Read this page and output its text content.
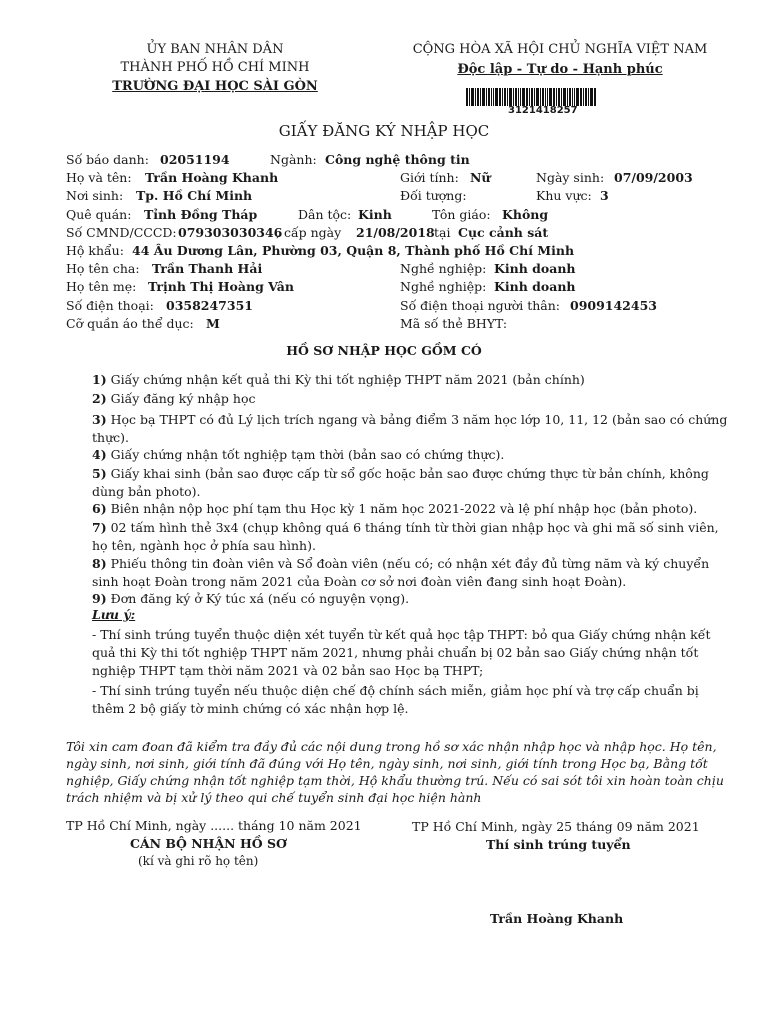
ỦY BAN NHÂN DÂN
THÀNH PHỐ HỒ CHÍ MINH
TRƯỜNG ĐẠI HỌC SÀI GÒN
CỘNG HÒA XÃ HỘI CHỦ NGHĨA VIỆT NAM
Độc lập - Tự do - Hạnh phúc
3121418257
GIẤY ĐĂNG KÝ NHẬP HỌC
Số báo danh: 02051194	Ngành: Công nghệ thông tin
Họ và tên: Trần Hoàng Khanh	Giới tính: Nữ	Ngày sinh: 07/09/2003
Nơi sinh: Tp. Hồ Chí Minh	Đối tượng:	Khu vực: 3
Quê quán: Tỉnh Đồng Tháp	Dân tộc: Kinh	Tôn giáo: Không
Số CMND/CCCD: 079303030346
, cấp ngày 21/08/2018 tại Cục cảnh sát
Hộ khẩu: 44 Âu Dương Lân, Phường 03, Quận 8, Thành phố Hồ Chí Minh
Họ tên cha: Trần Thanh Hải	Nghề nghiệp: Kinh doanh
Họ tên mẹ: Trịnh Thị Hoàng Vân	Nghề nghiệp: Kinh doanh
Số điện thoại: 0358247351	Số điện thoại người thân: 0909142453
Cỡ quần áo thể dục: M	Mã số thẻ BHYT:
HỒ SƠ NHẬP HỌC GỒM CÓ
1) Giấy chứng nhận kết quả thi Kỳ thi tốt nghiệp THPT năm 2021 (bản chính)
2) Giấy đăng ký nhập học
3) Học bạ THPT có đủ Lý lịch trích ngang và bảng điểm 3 năm học lớp 10, 11, 12 (bản sao có chứng thực).
4) Giấy chứng nhận tốt nghiệp tạm thời (bản sao có chứng thực).
5) Giấy khai sinh (bản sao được cấp từ sổ gốc hoặc bản sao được chứng thực từ bản chính, không dùng bản photo).
6) Biên nhận nộp học phí tạm thu Học kỳ 1 năm học 2021-2022 và lệ phí nhập học (bản photo).
7) 02 tấm hình thẻ 3x4 (chụp không quá 6 tháng tính từ thời gian nhập học và ghi mã số sinh viên, họ tên, ngành học ở phía sau hình).
8) Phiếu thông tin đoàn viên và Sổ đoàn viên (nếu có; có nhận xét đầy đủ từng năm và ký chuyển sinh hoạt Đoàn trong năm 2021 của Đoàn cơ sở nơi đoàn viên đang sinh hoạt Đoàn).
9) Đơn đăng ký ở Ký túc xá (nếu có nguyện vọng).
Lưu ý:
- Thí sinh trúng tuyển thuộc diện xét tuyển từ kết quả học tập THPT: bỏ qua Giấy chứng nhận kết quả thi Kỳ thi tốt nghiệp THPT năm 2021, nhưng phải chuẩn bị 02 bản sao Giấy chứng nhận tốt nghiệp THPT tạm thời năm 2021 và 02 bản sao Học bạ THPT;
- Thí sinh trúng tuyển nếu thuộc diện chế độ chính sách miễn, giảm học phí và trợ cấp chuẩn bị thêm 2 bộ giấy tờ minh chứng có xác nhận hợp lệ.
Tôi xin cam đoan đã kiểm tra đầy đủ các nội dung trong hồ sơ xác nhận nhập học và nhập học. Họ tên, ngày sinh, nơi sinh, giới tính đã đúng với Họ tên, ngày sinh, nơi sinh, giới tính trong Học bạ, Bằng tốt nghiệp, Giấy chứng nhận tốt nghiệp tạm thời, Hộ khẩu thường trú. Nếu có sai sót tôi xin hoàn toàn chịu trách nhiệm và bị xử lý theo qui chế tuyển sinh đại học hiện hành
TP Hồ Chí Minh, ngày ...... tháng 10 năm 2021
CÁN BỘ NHẬN HỒ SƠ
(kí và ghi rõ họ tên)
TP Hồ Chí Minh, ngày 25 tháng 09 năm 2021
Thí sinh trúng tuyển
Trần Hoàng Khanh
